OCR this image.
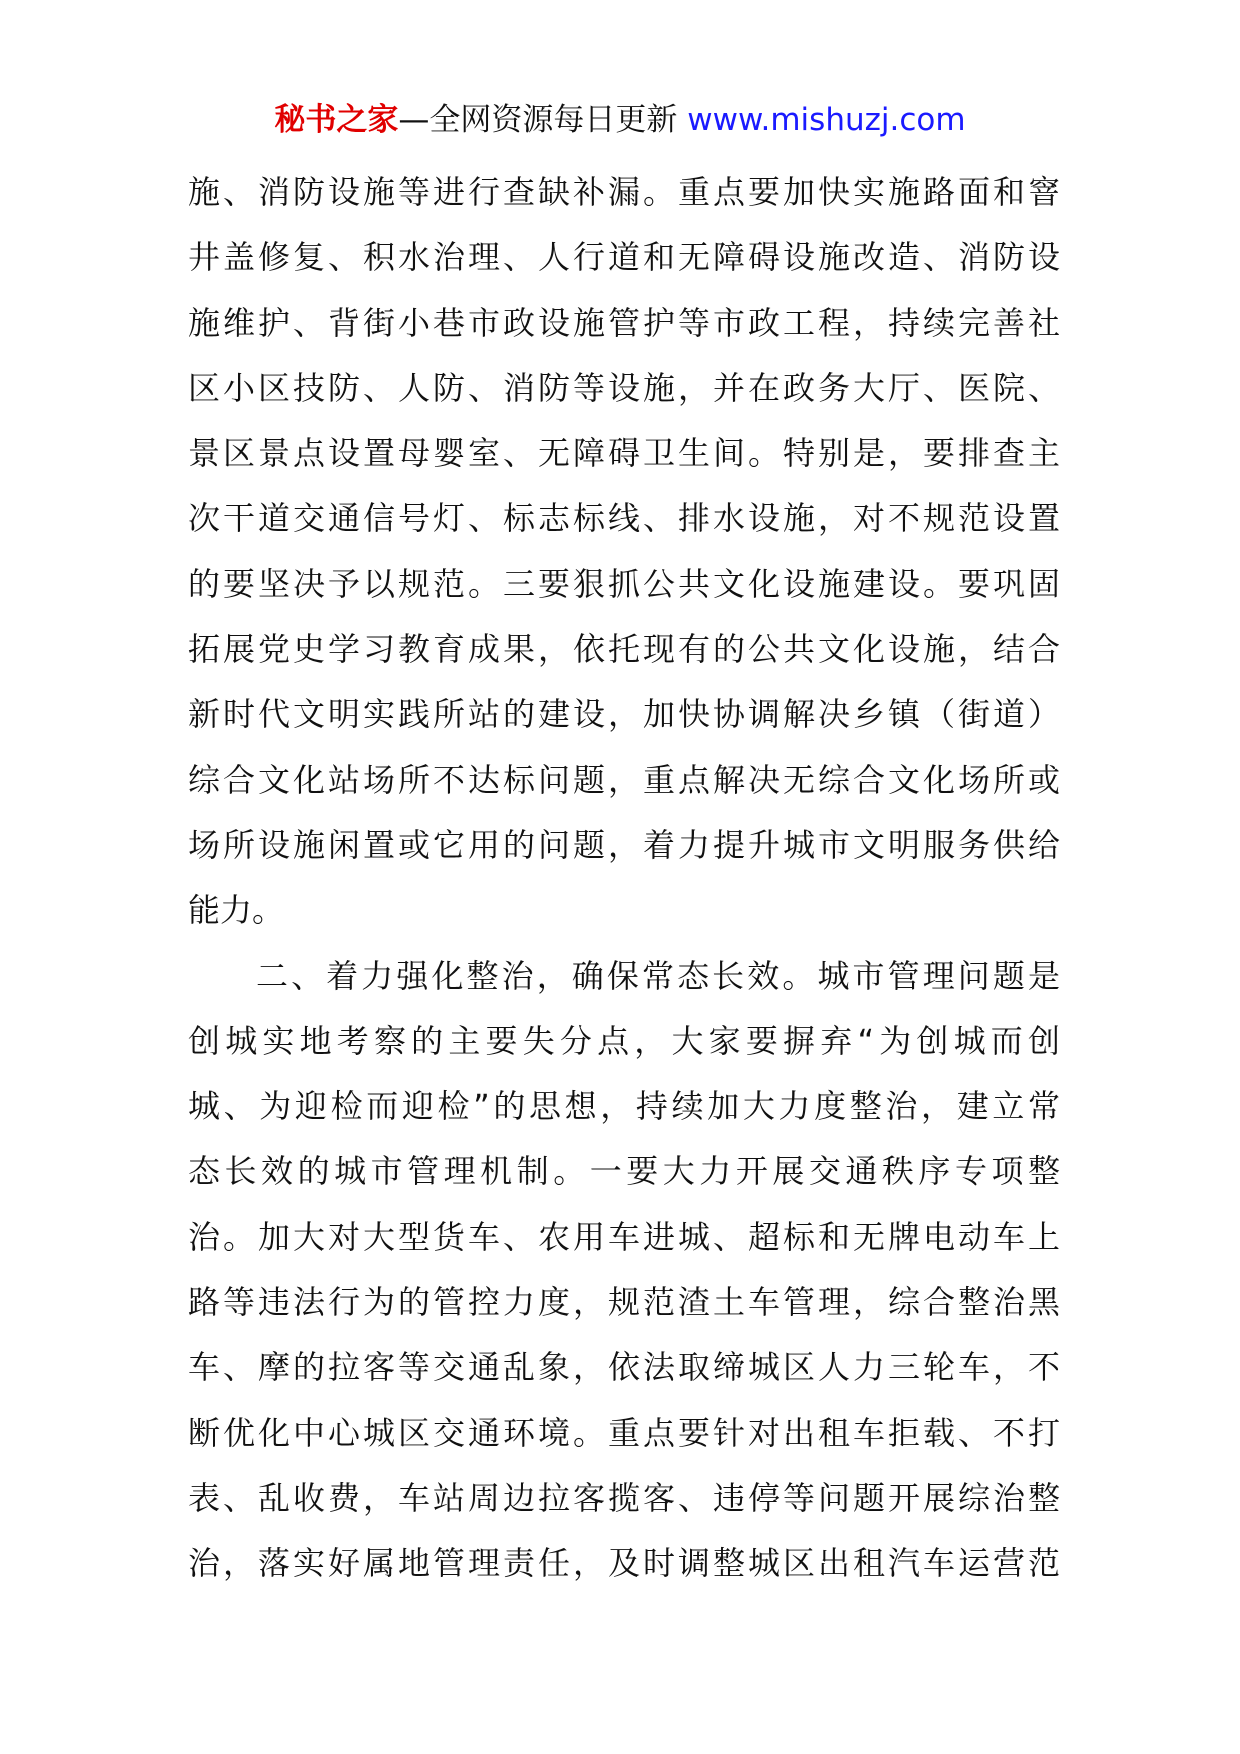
秘书之家—全网资源每日更新 www.mishuzj.com
施、消防设施等进行查缺补漏。重点要加快实施路面和窨
井盖修复、积水治理、人行道和无障碍设施改造、消防设
施维护、背街小巷市政设施管护等市政工程，持续完善社
区小区技防、人防、消防等设施，并在政务大厅、医院、
景区景点设置母婴室、无障碍卫生间。特别是，要排查主
次干道交通信号灯、标志标线、排水设施，对不规范设置
的要坚决予以规范。三要狠抓公共文化设施建设。要巩固
拓展党史学习教育成果，依托现有的公共文化设施，结合
新时代文明实践所站的建设，加快协调解决乡镇（街道）
综合文化站场所不达标问题，重点解决无综合文化场所或
场所设施闲置或它用的问题，着力提升城市文明服务供给
能力。
二、着力强化整治，确保常态长效。城市管理问题是
创城实地考察的主要失分点，大家要摒弃“为创城而创
城、为迎检而迎检”的思想，持续加大力度整治，建立常
态长效的城市管理机制。一要大力开展交通秩序专项整
治。加大对大型货车、农用车进城、超标和无牌电动车上
路等违法行为的管控力度，规范渣土车管理，综合整治黑
车、摩的拉客等交通乱象，依法取缔城区人力三轮车，不
断优化中心城区交通环境。重点要针对出租车拒载、不打
表、乱收费，车站周边拉客揽客、违停等问题开展综治整
治，落实好属地管理责任，及时调整城区出租汽车运营范
